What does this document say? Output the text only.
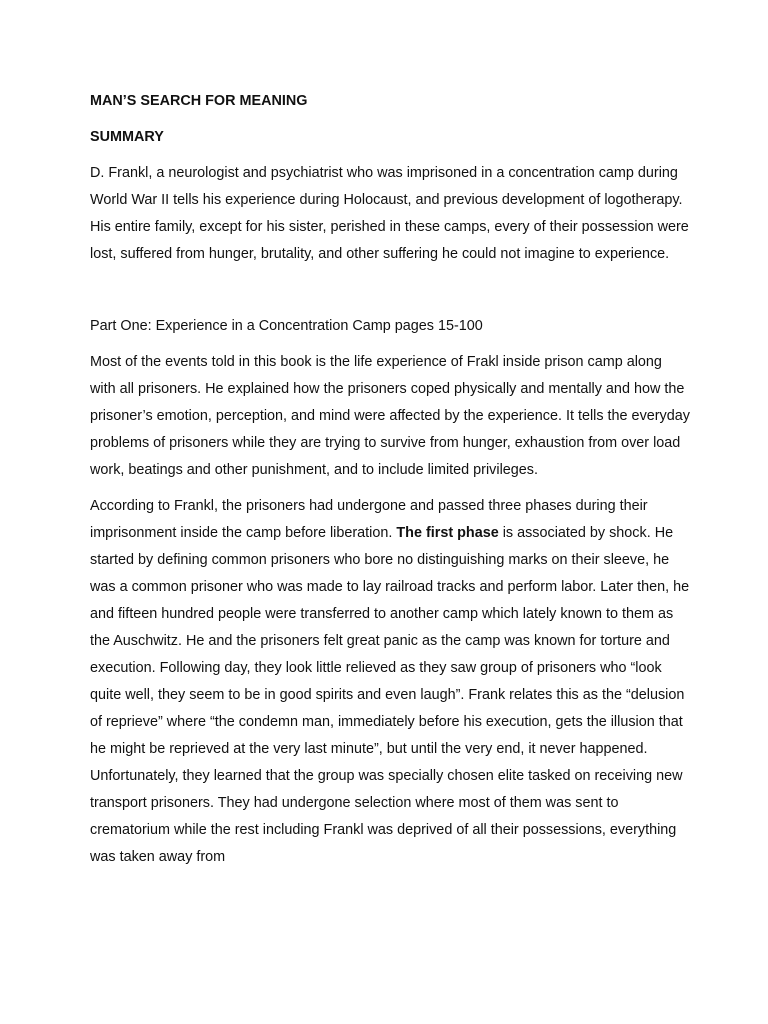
MAN’S SEARCH FOR MEANING

SUMMARY

D. Frankl, a neurologist and psychiatrist who was imprisoned in a concentration camp during World War II tells his experience during Holocaust, and previous development of logotherapy. His entire family, except for his sister, perished in these camps, every of their possession were lost, suffered from hunger, brutality, and other suffering he could not imagine to experience.

Part One: Experience in a Concentration Camp pages 15-100

Most of the events told in this book is the life experience of Frakl inside prison camp along with all prisoners. He explained how the prisoners coped physically and mentally and how the prisoner’s emotion, perception, and mind were affected by the experience. It tells the everyday problems of prisoners while they are trying to survive from hunger, exhaustion from over load work, beatings and other punishment, and to include limited privileges.

According to Frankl, the prisoners had undergone and passed three phases during their imprisonment inside the camp before liberation. The first phase is associated by shock. He started by defining common prisoners who bore no distinguishing marks on their sleeve, he was a common prisoner who was made to lay railroad tracks and perform labor. Later then, he and fifteen hundred people were transferred to another camp which lately known to them as the Auschwitz. He and the prisoners felt great panic as the camp was known for torture and execution. Following day, they look little relieved as they saw group of prisoners who “look quite well, they seem to be in good spirits and even laugh”. Frank relates this as the “delusion of reprieve” where “the condemn man, immediately before his execution, gets the illusion that he might be reprieved at the very last minute”, but until the very end, it never happened. Unfortunately, they learned that the group was specially chosen elite tasked on receiving new transport prisoners. They had undergone selection where most of them was sent to crematorium while the rest including Frankl was deprived of all their possessions, everything was taken away from
